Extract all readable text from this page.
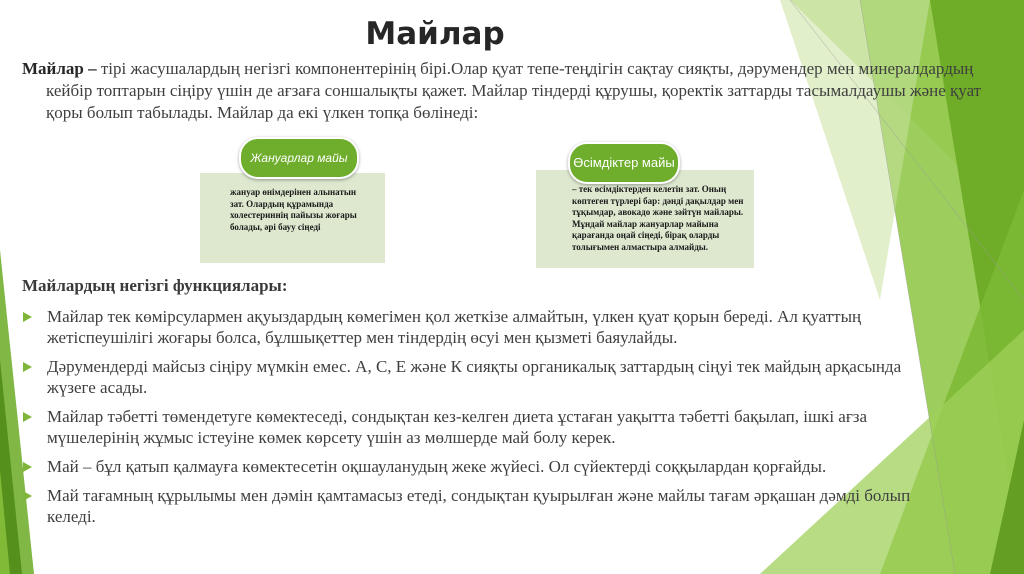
Майлар

Майлар – тірі жасушалардың негізгі компонентерінің бірі.Олар қуат тепе-теңдігін сақтау сияқты, дәрумендер мен минералдардың кейбір топтарын сіңіру үшін де ағзаға соншалықты қажет. Майлар тіндерді құрушы, қоректік заттарды тасымалдаушы және қуат қоры болып табылады. Майлар да екі үлкен топқа бөлінеді:

Жануарлар майы
жануар өнімдерінен алынатын зат. Олардың құрамында холестериннің пайызы жоғары болады, әрі бауу сіңеді
Өсімдіктер майы
– тек өсімдіктерден келетін зат. Оның көптеген түрлері бар: дәнді дақылдар мен тұқымдар, авокадо және зәйтүн майлары. Мұндай майлар жануарлар майына қарағанда оңай сіңеді, бірақ оларды толығымен алмастыра алмайды.
Майлардың негізгі функциялары:
Майлар тек көмірсулармен ақуыздардың көмегімен қол жеткізе алмайтын, үлкен қуат қорын береді. Ал қуаттың жетіспеушілігі жоғары болса, бұлшықеттер мен тіндердің өсуі мен қызметі баяулайды.
Дәрумендерді майсыз сіңіру мүмкін емес. А, С, Е және К сияқты органикалық заттардың сіңуі тек майдың арқасында жүзеге асады.
Майлар тәбетті төмендетуге көмектеседі, сондықтан кез-келген диета ұстаған уақытта тәбетті бақылап, ішкі ағза мүшелерінің жұмыс істеуіне көмек көрсету үшін аз мөлшерде май болу керек.
Май – бұл қатып қалмауға көмектесетін оқшауланудың жеке жүйесі. Ол сүйектерді соққылардан қорғайды.
Май тағамның құрылымы мен дәмін қамтамасыз етеді, сондықтан қуырылған және майлы тағам әрқашан дәмді болып келеді.
